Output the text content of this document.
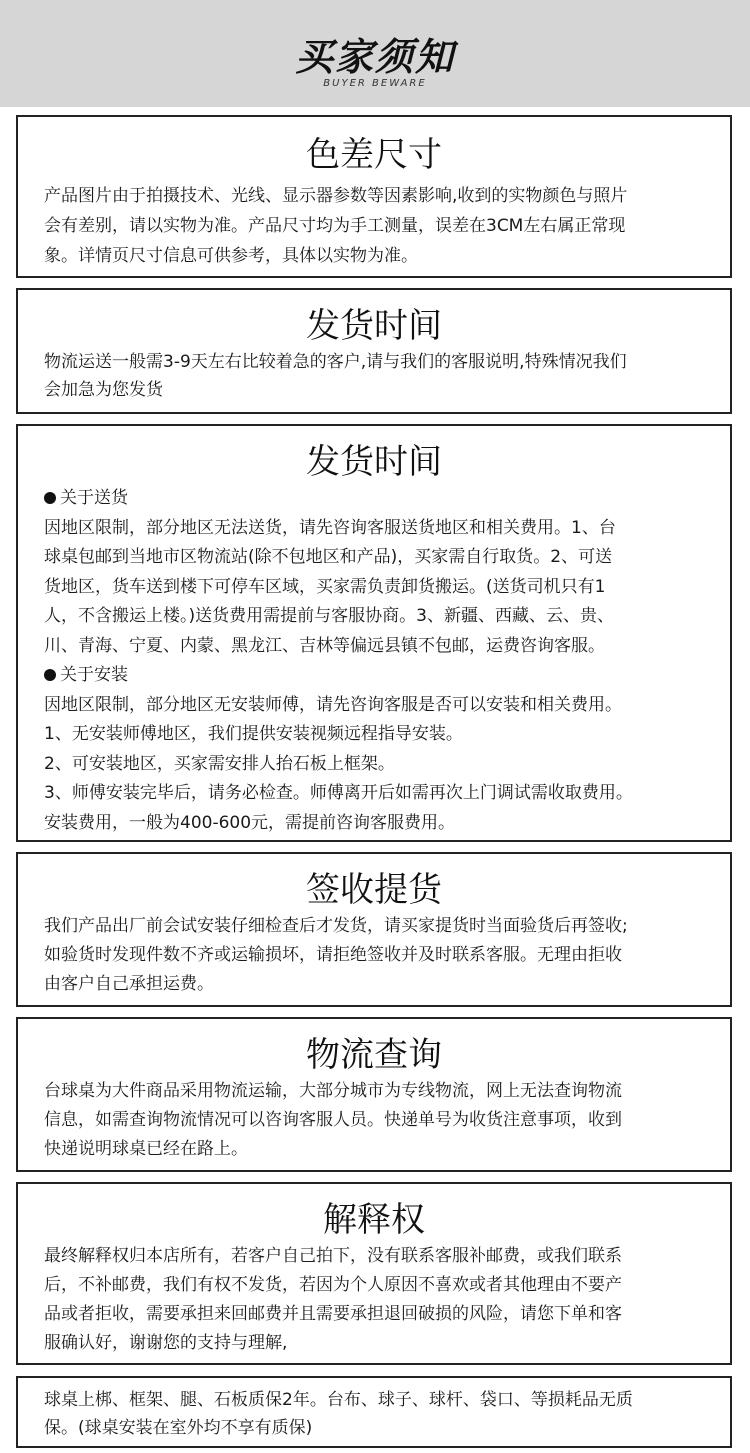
买家须知
BUYER BEWARE
色差尺寸
产品图片由于拍摄技术、光线、显示器参数等因素影响,收到的实物颜色与照片
会有差别，请以实物为准。产品尺寸均为手工测量，误差在3CM左右属正常现
象。详情页尺寸信息可供参考，具体以实物为准。
发货时间
物流运送一般需3-9天左右比较着急的客户,请与我们的客服说明,特殊情况我们
会加急为您发货
发货时间
关于送货
因地区限制，部分地区无法送货，请先咨询客服送货地区和相关费用。1、台
球桌包邮到当地市区物流站(除不包地区和产品)，买家需自行取货。2、可送
货地区，货车送到楼下可停车区域，买家需负责卸货搬运。(送货司机只有1
人，不含搬运上楼。)送货费用需提前与客服协商。3、新疆、西藏、云、贵、
川、青海、宁夏、内蒙、黑龙江、吉林等偏远县镇不包邮，运费咨询客服。
关于安装
因地区限制，部分地区无安装师傅，请先咨询客服是否可以安装和相关费用。
1、无安装师傅地区，我们提供安装视频远程指导安装。
2、可安装地区，买家需安排人抬石板上框架。
3、师傅安装完毕后，请务必检查。师傅离开后如需再次上门调试需收取费用。
安装费用，一般为400-600元，需提前咨询客服费用。
签收提货
我们产品出厂前会试安装仔细检查后才发货，请买家提货时当面验货后再签收;
如验货时发现件数不齐或运输损坏，请拒绝签收并及时联系客服。无理由拒收
由客户自己承担运费。
物流查询
台球桌为大件商品采用物流运输，大部分城市为专线物流，网上无法查询物流
信息，如需查询物流情况可以咨询客服人员。快递单号为收货注意事项，收到
快递说明球桌已经在路上。
解释权
最终解释权归本店所有，若客户自己拍下，没有联系客服补邮费，或我们联系
后，不补邮费，我们有权不发货，若因为个人原因不喜欢或者其他理由不要产
品或者拒收，需要承担来回邮费并且需要承担退回破损的风险，请您下单和客
服确认好，谢谢您的支持与理解,
球桌上梆、框架、腿、石板质保2年。台布、球子、球杆、袋口、等损耗品无质
保。(球桌安装在室外均不享有质保)
